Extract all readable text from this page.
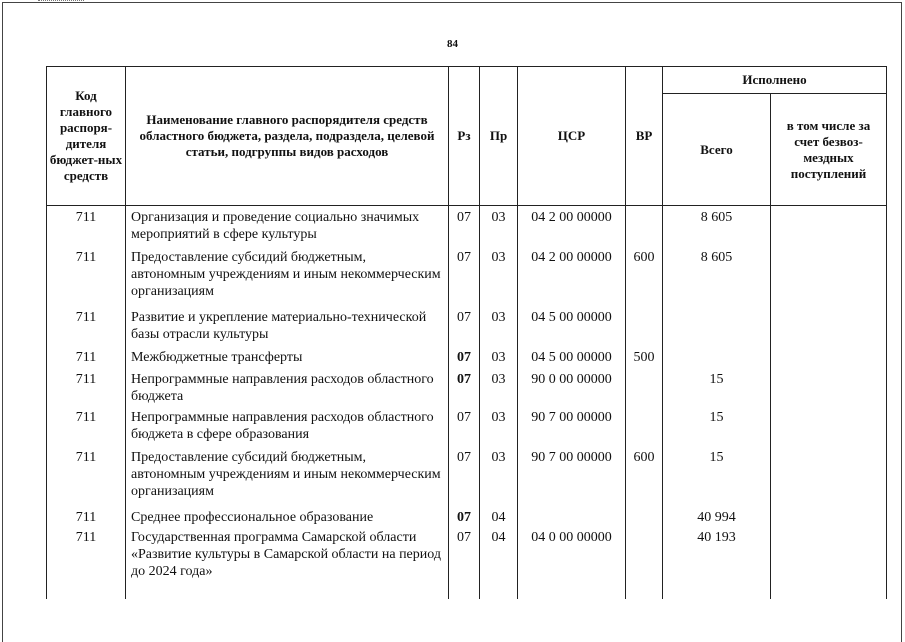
84
Код главного распоря-дителя бюджет-ных средств	Наименование главного распорядителя средств областного бюджета, раздела, подраздела, целевой статьи, подгруппы видов расходов	Рз	Пр	ЦСР	ВР	Исполнено	
						Всего	в том числе за счет безвоз-мездных поступлений

711	Организация и проведение социально значимых мероприятий в сфере культуры	07	03	04 2 00 00000		8 605	
711	Предоставление субсидий бюджетным, автономным учреждениям и иным некоммерческим организациям	07	03	04 2 00 00000	600	8 605	
711	Развитие и укрепление материально-технической базы отрасли культуры	07	03	04 5 00 00000			
711	Межбюджетные трансферты	07	03	04 5 00 00000	500		
711	Непрограммные направления расходов областного бюджета	07	03	90 0 00 00000		15	
711	Непрограммные направления расходов областного бюджета в сфере образования	07	03	90 7 00 00000		15	
711	Предоставление субсидий бюджетным, автономным учреждениям и иным некоммерческим организациям	07	03	90 7 00 00000	600	15	
711	Среднее профессиональное образование	07	04			40 994	
711	Государственная программа Самарской области «Развитие культуры в Самарской области на период до 2024 года»	07	04	04 0 00 00000		40 193	
